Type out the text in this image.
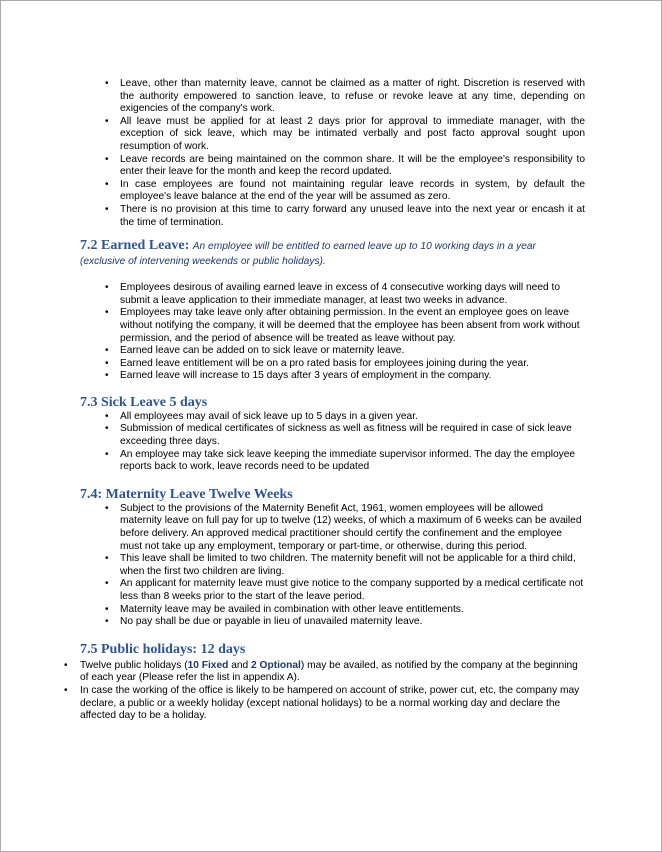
• Leave, other than maternity leave, cannot be claimed as a matter of right. Discretion is reserved with the authority empowered to sanction leave, to refuse or revoke leave at any time, depending on exigencies of the company's work.
• All leave must be applied for at least 2 days prior for approval to immediate manager, with the exception of sick leave, which may be intimated verbally and post facto approval sought upon resumption of work.
• Leave records are being maintained on the common share. It will be the employee's responsibility to enter their leave for the month and keep the record updated.
• In case employees are found not maintaining regular leave records in system, by default the employee's leave balance at the end of the year will be assumed as zero.
• There is no provision at this time to carry forward any unused leave into the next year or encash it at the time of termination.
7.2 Earned Leave: An employee will be entitled to earned leave up to 10 working days in a year
(exclusive of intervening weekends or public holidays).
• Employees desirous of availing earned leave in excess of 4 consecutive working days will need to submit a leave application to their immediate manager, at least two weeks in advance.
• Employees may take leave only after obtaining permission. In the event an employee goes on leave without notifying the company, it will be deemed that the employee has been absent from work without permission, and the period of absence will be treated as leave without pay.
• Earned leave can be added on to sick leave or maternity leave.
• Earned leave entitlement will be on a pro rated basis for employees joining during the year.
• Earned leave will increase to 15 days after 3 years of employment in the company.
7.3 Sick Leave 5 days
• All employees may avail of sick leave up to 5 days in a given year.
• Submission of medical certificates of sickness as well as fitness will be required in case of sick leave exceeding three days.
• An employee may take sick leave keeping the immediate supervisor informed. The day the employee reports back to work, leave records need to be updated
7.4: Maternity Leave Twelve Weeks
• Subject to the provisions of the Maternity Benefit Act, 1961, women employees will be allowed maternity leave on full pay for up to twelve (12) weeks, of which a maximum of 6 weeks can be availed before delivery. An approved medical practitioner should certify the confinement and the employee must not take up any employment, temporary or part-time, or otherwise, during this period.
• This leave shall be limited to two children. The maternity benefit will not be applicable for a third child, when the first two children are living.
• An applicant for maternity leave must give notice to the company supported by a medical certificate not less than 8 weeks prior to the start of the leave period.
• Maternity leave may be availed in combination with other leave entitlements.
• No pay shall be due or payable in lieu of unavailed maternity leave.
7.5 Public holidays: 12 days
• Twelve public holidays (10 Fixed and 2 Optional) may be availed, as notified by the company at the beginning of each year (Please refer the list in appendix A).
• In case the working of the office is likely to be hampered on account of strike, power cut, etc, the company may declare, a public or a weekly holiday (except national holidays) to be a normal working day and declare the affected day to be a holiday.
